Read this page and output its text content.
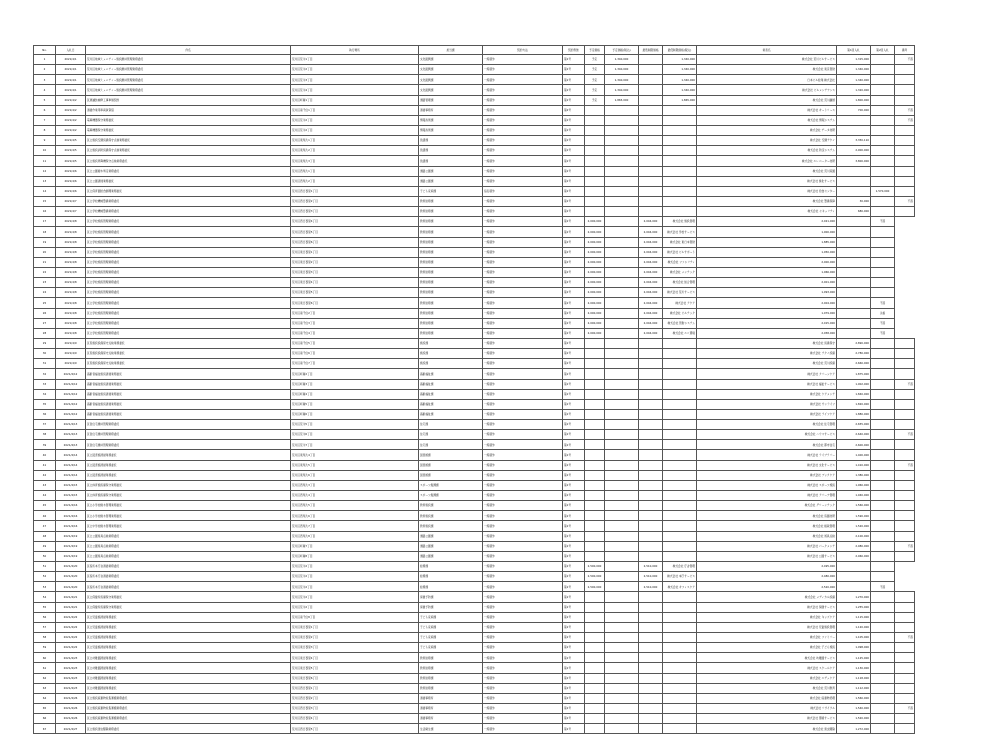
No.	入札日	件名	執行場所	担当課	契約方法	契約形態	予定価格	予定価格(税込)	最低制限価格	最低制限価格(税込)	業者名	第1回入札	第2回入札	備考
1	2021/4/1	荒川区地域ミュニティー施設維持管理業務委託	荒川区荒川1丁目	文化振興課	一般競争	第1号	予定	1,340,000		1,340,000	株式会社 荒川ビルサービス	1,315,000		不落
2	2021/4/1	荒川区地域ミュニティー施設維持管理業務委託	荒川区荒川2丁目	文化振興課	一般競争	第1号	予定	1,340,000		1,340,000	株式会社 東京管財	1,340,000		
3	2021/4/1	荒川区地域ミュニティー施設維持管理業務委託	荒川区荒川3丁目	文化振興課	一般競争	第1号	予定	1,340,000		1,340,000	日本ビル総業 株式会社	1,340,000		
4	2021/4/1	荒川区地域ミュニティー施設維持管理業務委託	荒川区荒川4丁目	文化振興課	一般競争	第1号	予定	1,340,000		1,340,000	株式会社 ビルメンテナンス	1,320,000		
5	2021/4/2	区道舗装補修工事単価契約	荒川区町屋1丁目	道路管理課	一般競争	第1号	予定	1,865,000		1,865,000	株式会社 荒川舗道	1,800,000		
6	2021/4/2	清掃作業用車両賃貸借	荒川区南千住1丁目	清掃事務所	一般競争	第2号					株式会社 オートリース	700,000		不落
7	2021/4/2	電算機器保守業務委託	荒川区荒川2丁目	情報政策課	一般競争	第1号					株式会社 情報システム			不落
8	2021/4/2	電算機器保守業務委託	荒川区荒川2丁目	情報政策課	一般競争	第1号					株式会社 データ技研			
9	2021/4/5	区立施設空調設備保守点検業務委託	荒川区東尾久1丁目	営繕課	一般競争	第1号					株式会社 空調テクノ	3,350,110		
10	2021/4/5	区立施設消防設備保守点検業務委託	荒川区東尾久2丁目	営繕課	一般競争	第1号					株式会社 防災システム	2,900,000		
11	2021/4/5	区立施設昇降機保守点検業務委託	荒川区東尾久3丁目	営繕課	一般競争	第1号					株式会社 エレベーター技研	3,800,000		
12	2021/4/6	区立公園樹木剪定業務委託	荒川区西尾久1丁目	道路公園課	一般競争	第1号					株式会社 荒川造園			
13	2021/4/6	区立公園清掃業務委託	荒川区西尾久2丁目	道路公園課	一般競争	第1号					株式会社 緑化サービス			
14	2021/4/6	区立保育園給食調理業務委託	荒川区西日暮里1丁目	子ども家庭課	指名競争	第1号					株式会社 給食センター		1,570,000	
15	2021/4/7	区立学校機械警備業務委託	荒川区西日暮里2丁目	教育総務課	一般競争	第1号					株式会社 警備保障	30,000		不落
16	2021/4/7	区立学校機械警備業務委託	荒川区西日暮里3丁目	教育総務課	一般競争	第1号					株式会社 セキュリティ	680,000		
17	2021/4/8	区立学校施設管理業務委託	荒川区西日暮里4丁目	教育総務課	一般競争	第1号	2,000,000		2,004,000	株式会社 施設管理	2,021,000		不落	
18	2021/4/8	区立学校施設管理業務委託	荒川区西日暮里5丁目	教育総務課	一般競争	第1号	2,000,000		2,004,000	株式会社 学校サービス	1,900,000			
19	2021/4/8	区立学校施設管理業務委託	荒川区西日暮里6丁目	教育総務課	一般競争	第1号	2,000,000		2,004,000	株式会社 東日本管財	1,885,000			
20	2021/4/8	区立学校施設管理業務委託	荒川区東日暮里1丁目	教育総務課	一般競争	第1号	2,000,000		2,004,000	株式会社 ビルサポート	1,950,000			
21	2021/4/8	区立学校施設管理業務委託	荒川区東日暮里2丁目	教育総務課	一般競争	第1号	2,000,000		2,004,000	株式会社 ファシリティ	2,000,000			
22	2021/4/8	区立学校施設管理業務委託	荒川区東日暮里3丁目	教育総務課	一般競争	第1号	2,000,000		2,004,000	株式会社 メンテック	1,966,000			
23	2021/4/8	区立学校施設管理業務委託	荒川区東日暮里4丁目	教育総務課	一般競争	第1号	2,000,000		2,004,000	株式会社 総合管理	2,001,000			
24	2021/4/8	区立学校施設管理業務委託	荒川区東日暮里5丁目	教育総務課	一般競争	第1号	2,000,000		2,004,000	株式会社 荒川サービス	1,993,000			
25	2021/4/8	区立学校施設管理業務委託	荒川区東日暮里6丁目	教育総務課	一般競争	第1号	2,000,000		2,004,000	株式会社 アクア	2,004,000		不落	
26	2021/4/8	区立学校施設管理業務委託	荒川区南千住2丁目	教育総務課	一般競争	第1号	2,000,000		2,004,000	株式会社 ビルテック	1,979,000		失格	
27	2021/4/8	区立学校施設管理業務委託	荒川区南千住3丁目	教育総務課	一般競争	第1号	2,000,000		2,004,000	株式会社 管財システム	2,015,000		不落	
28	2021/4/8	区立学校施設管理業務委託	荒川区南千住4丁目	教育総務課	一般競争	第1号	2,000,000		2,004,000	株式会社 エコ環境	2,058,000		不落	
29	2021/4/9	区民施設設備保守点検業務委託	荒川区南千住5丁目	施設課	一般競争	第1号					株式会社 設備保守	2,890,000		
30	2021/4/9	区民施設設備保守点検業務委託	荒川区南千住6丁目	施設課	一般競争	第1号					株式会社 テクノ設備	2,780,000		
31	2021/4/9	区民施設設備保守点検業務委託	荒川区南千住7丁目	施設課	一般競争	第1号					株式会社 荒川設備	2,660,000		
32	2021/4/12	高齢者福祉施設清掃業務委託	荒川区町屋2丁目	高齢福祉課	一般競争	第1号					株式会社 クリーンケア	1,875,000		
33	2021/4/12	高齢者福祉施設清掃業務委託	荒川区町屋3丁目	高齢福祉課	一般競争	第1号					株式会社 福祉サービス	1,902,000		不落
34	2021/4/12	高齢者福祉施設清掃業務委託	荒川区町屋4丁目	高齢福祉課	一般競争	第1号					株式会社 ケアメンテ	1,840,000		
35	2021/4/12	高齢者福祉施設清掃業務委託	荒川区町屋5丁目	高齢福祉課	一般競争	第1号					株式会社 サンライフ	1,820,000		
36	2021/4/12	高齢者福祉施設清掃業務委託	荒川区町屋6丁目	高齢福祉課	一般競争	第1号					株式会社 ライフケア	1,880,000		
37	2021/4/13	区営住宅維持管理業務委託	荒川区荒川5丁目	住宅課	一般競争	第1号					株式会社 住宅管理	2,655,000		
38	2021/4/13	区営住宅維持管理業務委託	荒川区荒川6丁目	住宅課	一般競争	第1号					株式会社 ハウスサービス	2,640,000		不落
39	2021/4/13	区営住宅維持管理業務委託	荒川区荒川7丁目	住宅課	一般競争	第1号					株式会社 都市住宅	2,600,000		
40	2021/4/14	区立図書館清掃業務委託	荒川区東尾久4丁目	図書館課	一般競争	第1号					株式会社 ライブラリー	1,400,000		
41	2021/4/14	区立図書館清掃業務委託	荒川区東尾久5丁目	図書館課	一般競争	第1号					株式会社 文化サービス	1,410,000		不落
42	2021/4/14	区立図書館清掃業務委託	荒川区東尾久6丁目	図書館課	一般競争	第1号					株式会社 ブックケア	1,380,000		
43	2021/4/15	区立体育館設備保守業務委託	荒川区西尾久3丁目	スポーツ振興課	一般競争	第1号					株式会社 スポーツ施設	1,960,000		
44	2021/4/15	区立体育館設備保守業務委託	荒川区西尾久4丁目	スポーツ振興課	一般競争	第1号					株式会社 アリーナ管理	1,940,000		
45	2021/4/16	区立小学校樹木管理業務委託	荒川区西尾久5丁目	教育施設課	一般競争	第1号					株式会社 グリーンテック	1,560,000		
46	2021/4/16	区立小学校樹木管理業務委託	荒川区西尾久6丁目	教育施設課	一般競争	第1号					株式会社 造園技研	1,590,000		
47	2021/4/16	区立中学校樹木管理業務委託	荒川区西尾久7丁目	教育施設課	一般競争	第1号					株式会社 植栽管理	1,520,000		
48	2021/4/19	区立公園遊具点検業務委託	荒川区西尾久8丁目	道路公園課	一般競争	第1号					株式会社 遊具点検	2,100,000		
49	2021/4/19	区立公園遊具点検業務委託	荒川区町屋7丁目	道路公園課	一般競争	第1号					株式会社 パークメンテ	2,080,000		不落
50	2021/4/19	区立公園遊具点検業務委託	荒川区町屋8丁目	道路公園課	一般競争	第1号					株式会社 公園サービス	2,060,000		
51	2021/4/20	区役所本庁舎清掃業務委託	荒川区荒川2丁目	総務課	一般競争	第1号	2,500,000		2,510,000	株式会社 庁舎管理	2,495,000			
52	2021/4/20	区役所本庁舎清掃業務委託	荒川区荒川2丁目	総務課	一般競争	第1号	2,500,000		2,510,000	株式会社 本庁サービス	2,480,000			
53	2021/4/20	区役所本庁舎清掃業務委託	荒川区荒川2丁目	総務課	一般競争	第1号	2,500,000		2,510,000	株式会社 オフィスケア	2,520,000		不落	
54	2021/4/21	区立保健所設備保守業務委託	荒川区荒川2丁目	保健予防課	一般競争	第1号					株式会社 メディカル設備	1,270,000		
55	2021/4/21	区立保健所設備保守業務委託	荒川区荒川2丁目	保健予防課	一般競争	第1号					株式会社 保健サービス	1,255,000		
56	2021/4/22	区立児童館清掃業務委託	荒川区南千住8丁目	子ども家庭課	一般競争	第1号					株式会社 キッズケア	1,115,000		
57	2021/4/22	区立児童館清掃業務委託	荒川区東日暮里1丁目	子ども家庭課	一般競争	第1号					株式会社 児童施設管理	1,120,000		
58	2021/4/22	区立児童館清掃業務委託	荒川区東日暮里2丁目	子ども家庭課	一般競争	第1号					株式会社 ファミリー	1,105,000		不落
59	2021/4/22	区立児童館清掃業務委託	荒川区東日暮里3丁目	子ども家庭課	一般競争	第1号					株式会社 子ども施設	1,098,000		
60	2021/4/23	区立幼稚園清掃業務委託	荒川区東日暮里4丁目	教育総務課	一般競争	第1号					株式会社 幼稚園サービス	1,125,000		
61	2021/4/23	区立幼稚園清掃業務委託	荒川区東日暮里5丁目	教育総務課	一般競争	第1号					株式会社 スクールケア	1,130,000		
62	2021/4/23	区立幼稚園清掃業務委託	荒川区東日暮里6丁目	教育総務課	一般競争	第1号					株式会社 エデュケア	1,118,000		
63	2021/4/23	区立幼稚園清掃業務委託	荒川区西日暮里1丁目	教育総務課	一般競争	第1号					株式会社 荒川教育	1,112,000		
64	2021/4/26	区立施設廃棄物収集運搬業務委託	荒川区西日暮里2丁目	清掃事務所	一般競争	第1号					株式会社 廃棄物処理	1,560,000		
65	2021/4/26	区立施設廃棄物収集運搬業務委託	荒川区西日暮里3丁目	清掃事務所	一般競争	第1号					株式会社 リサイクル	1,540,000		不落
66	2021/4/26	区立施設廃棄物収集運搬業務委託	荒川区西日暮里4丁目	清掃事務所	一般競争	第1号					株式会社 環境サービス	1,520,000		
67	2021/4/27	区立施設害虫駆除業務委託	荒川区西日暮里5丁目	生活衛生課	一般競争	第1号					株式会社 害虫駆除	1,272,000		
